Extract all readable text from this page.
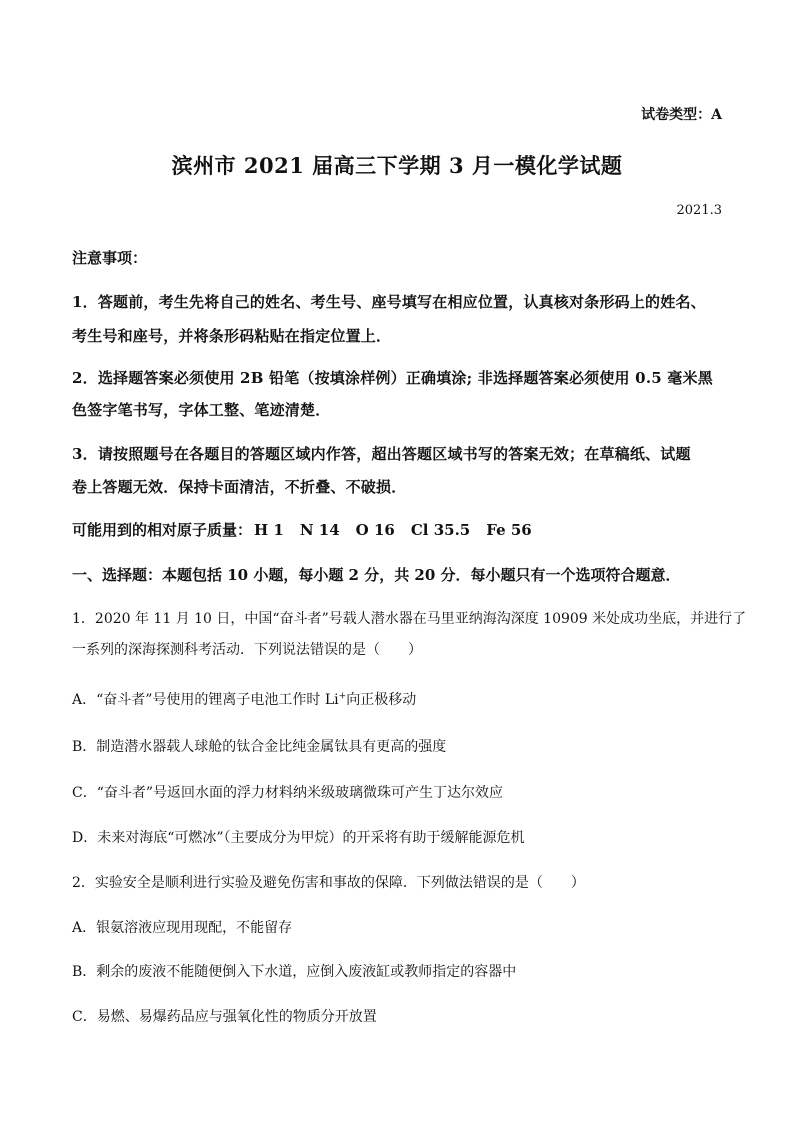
试卷类型：A
滨州市 2021 届高三下学期 3 月一模化学试题
2021.3
注意事项：
1．答题前，考生先将自己的姓名、考生号、座号填写在相应位置，认真核对条形码上的姓名、
考生号和座号，并将条形码粘贴在指定位置上．
2．选择题答案必须使用 2B 铅笔（按填涂样例）正确填涂; 非选择题答案必须使用 0.5 毫米黑
色签字笔书写，字体工整、笔迹清楚．
3．请按照题号在各题目的答题区域内作答，超出答题区域书写的答案无效；在草稿纸、试题
卷上答题无效．保持卡面清洁，不折叠、不破损．
可能用到的相对原子质量： H 1 N 14 O 16 Cl 35.5 Fe 56
一、选择题：本题包括 10 小题，每小题 2 分，共 20 分．每小题只有一个选项符合题意．
1．2020 年 11 月 10 日，中国“奋斗者”号载人潜水器在马里亚纳海沟深度 10909 米处成功坐底，并进行了
一系列的深海探测科考活动．下列说法错误的是（　　）
A．“奋斗者”号使用的锂离子电池工作时 Li+向正极移动
B．制造潜水器载人球舱的钛合金比纯金属钛具有更高的强度
C．“奋斗者”号返回水面的浮力材料纳米级玻璃微珠可产生丁达尔效应
D．未来对海底“可燃冰”（主要成分为甲烷）的开采将有助于缓解能源危机
2．实验安全是顺利进行实验及避免伤害和事故的保障．下列做法错误的是（　　）
A．银氨溶液应现用现配，不能留存
B．剩余的废液不能随便倒入下水道，应倒入废液缸或教师指定的容器中
C．易燃、易爆药品应与强氧化性的物质分开放置
